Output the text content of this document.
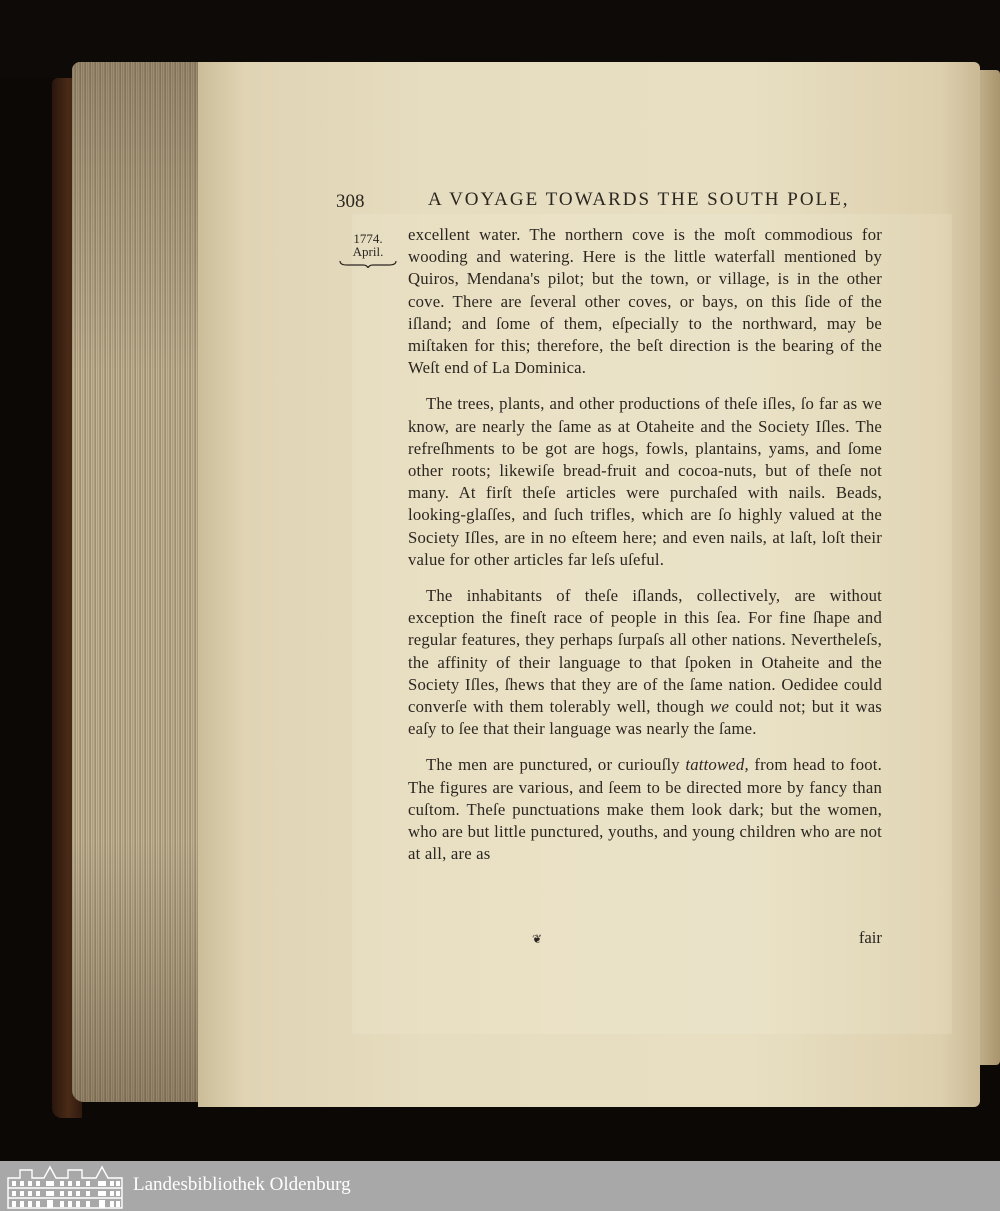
308	A VOYAGE TOWARDS THE SOUTH POLE,
1774.
April.

excellent water. The northern cove is the moſt commodious for wooding and watering. Here is the little waterfall mentioned by Quiros, Mendana's pilot; but the town, or village, is in the other cove. There are ſeveral other coves, or bays, on this ſide of the iſland; and ſome of them, eſpecially to the northward, may be miſtaken for this; therefore, the beſt direction is the bearing of the Weſt end of La Dominica.

The trees, plants, and other productions of theſe iſles, ſo far as we know, are nearly the ſame as at Otaheite and the Society Iſles. The refreſhments to be got are hogs, fowls, plantains, yams, and ſome other roots; likewiſe bread-fruit and cocoa-nuts, but of theſe not many. At firſt theſe articles were purchaſed with nails. Beads, looking-glaſſes, and ſuch trifles, which are ſo highly valued at the Society Iſles, are in no eſteem here; and even nails, at laſt, loſt their value for other articles far leſs uſeful.

The inhabitants of theſe iſlands, collectively, are without exception the fineſt race of people in this ſea. For fine ſhape and regular features, they perhaps ſurpaſs all other nations. Neverthelеſs, the affinity of their language to that ſpoken in Otaheite and the Society Iſles, ſhews that they are of the ſame nation. Oedidee could converſe with them tolerably well, though we could not; but it was eaſy to ſee that their language was nearly the ſame.

The men are punctured, or curiouſly tattowed, from head to foot. The figures are various, and ſeem to be directed more by fancy than cuſtom. Theſe punctuations make them look dark; but the women, who are but little punctured, youths, and young children who are not at all, are as

❦	fair
Landesbibliothek Oldenburg
